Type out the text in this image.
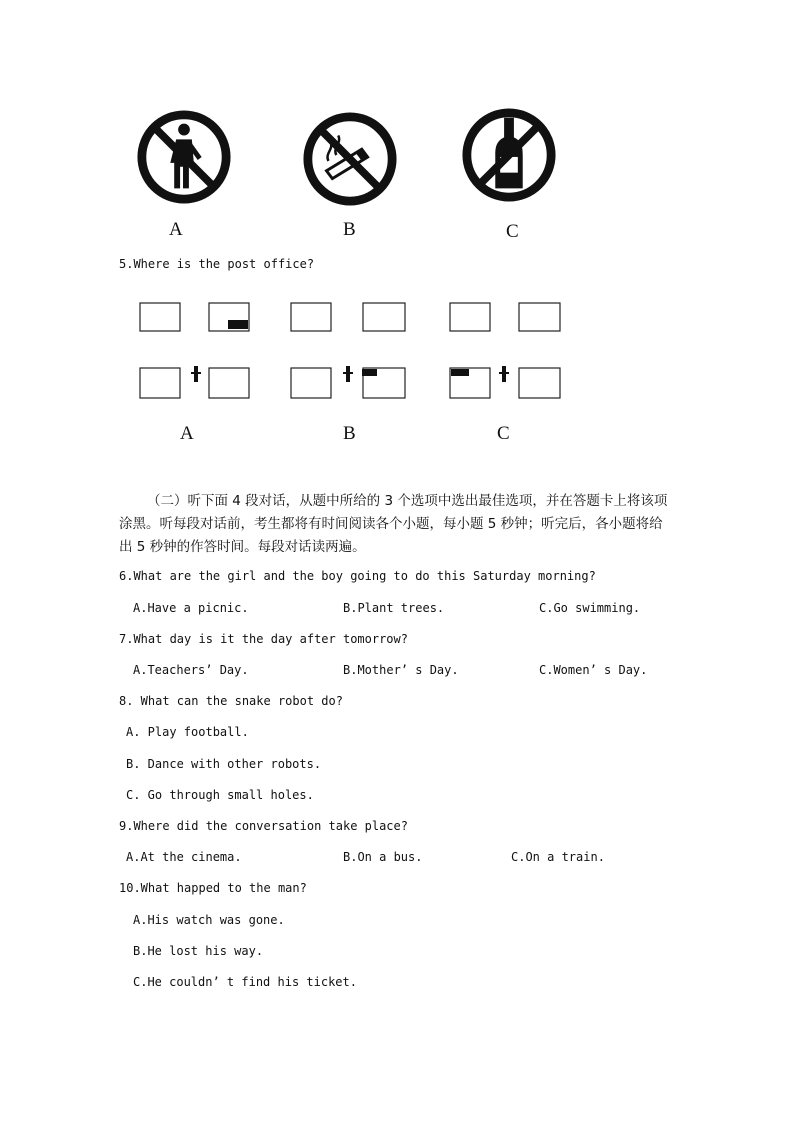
A	B	C
5.Where is the post office?
A	B	C
（二）听下面 4 段对话，从题中所给的 3 个选项中选出最佳选项，并在答题卡上将该项涂黑。听每段对话前，考生都将有时间阅读各个小题，每小题 5 秒钟；听完后，各小题将给出 5 秒钟的作答时间。每段对话读两遍。
6.What are the girl and the boy going to do this Saturday morning?
A.Have a picnic.	B.Plant trees.	C.Go swimming.
7.What day is it the day after tomorrow?
A.Teachers’ Day.	B.Mother’ s Day.	C.Women’ s Day.
8. What can the snake robot do?
A. Play football.
B. Dance with other robots.
C. Go through small holes.
9.Where did the conversation take place?
A.At the cinema.	B.On a bus.	C.On a train.
10.What happed to the man?
A.His watch was gone.
B.He lost his way.
C.He couldn’ t find his ticket.
